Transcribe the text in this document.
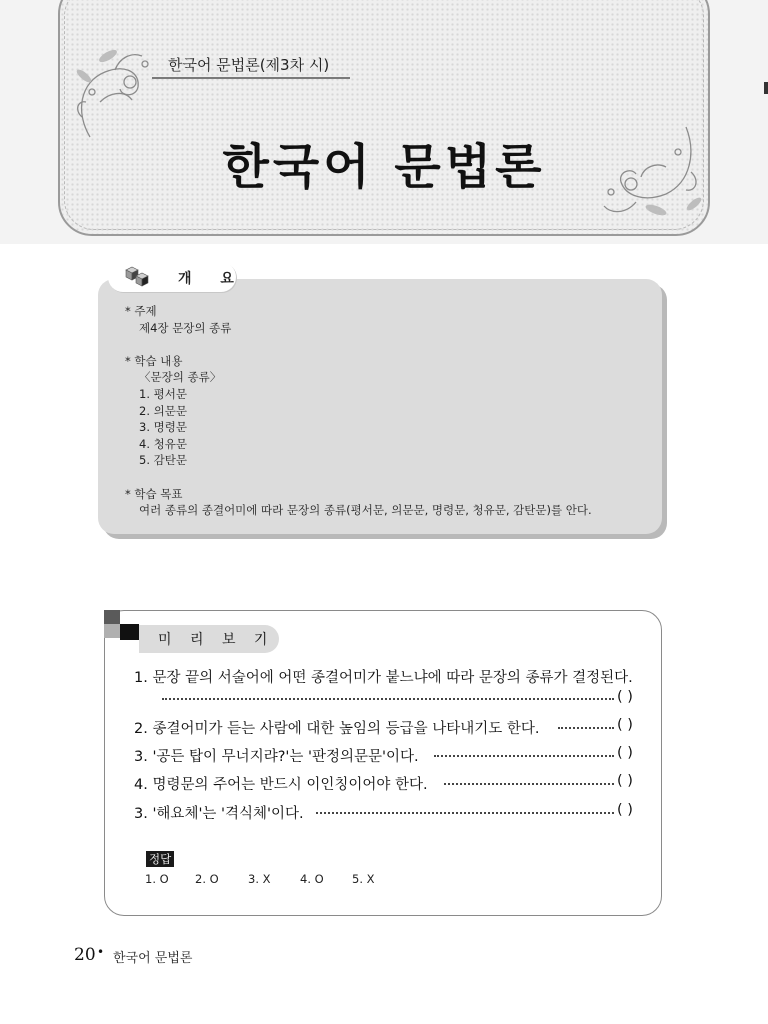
한국어 문법론(제3차 시)
한국어 문법론
개 요
* 주제
제4장 문장의 종류
* 학습 내용
〈문장의 종류〉
1. 평서문
2. 의문문
3. 명령문
4. 청유문
5. 감탄문
* 학습 목표
여러 종류의 종결어미에 따라 문장의 종류(평서문, 의문문, 명령문, 청유문, 감탄문)를 안다.
미 리 보 기
1. 문장 끝의 서술어에 어떤 종결어미가 붙느냐에 따라 문장의 종류가 결정된다.
( )
2. 종결어미가 듣는 사람에 대한 높임의 등급을 나타내기도 한다.	( )
3. '공든 탑이 무너지랴?'는 '판정의문문'이다.	( )
4. 명령문의 주어는 반드시 이인칭이어야 한다.	( )
3. '해요체'는 '격식체'이다.	( )
정답
1. O 2. O	3. X	4. O 5. X
20 • 한국어 문법론
